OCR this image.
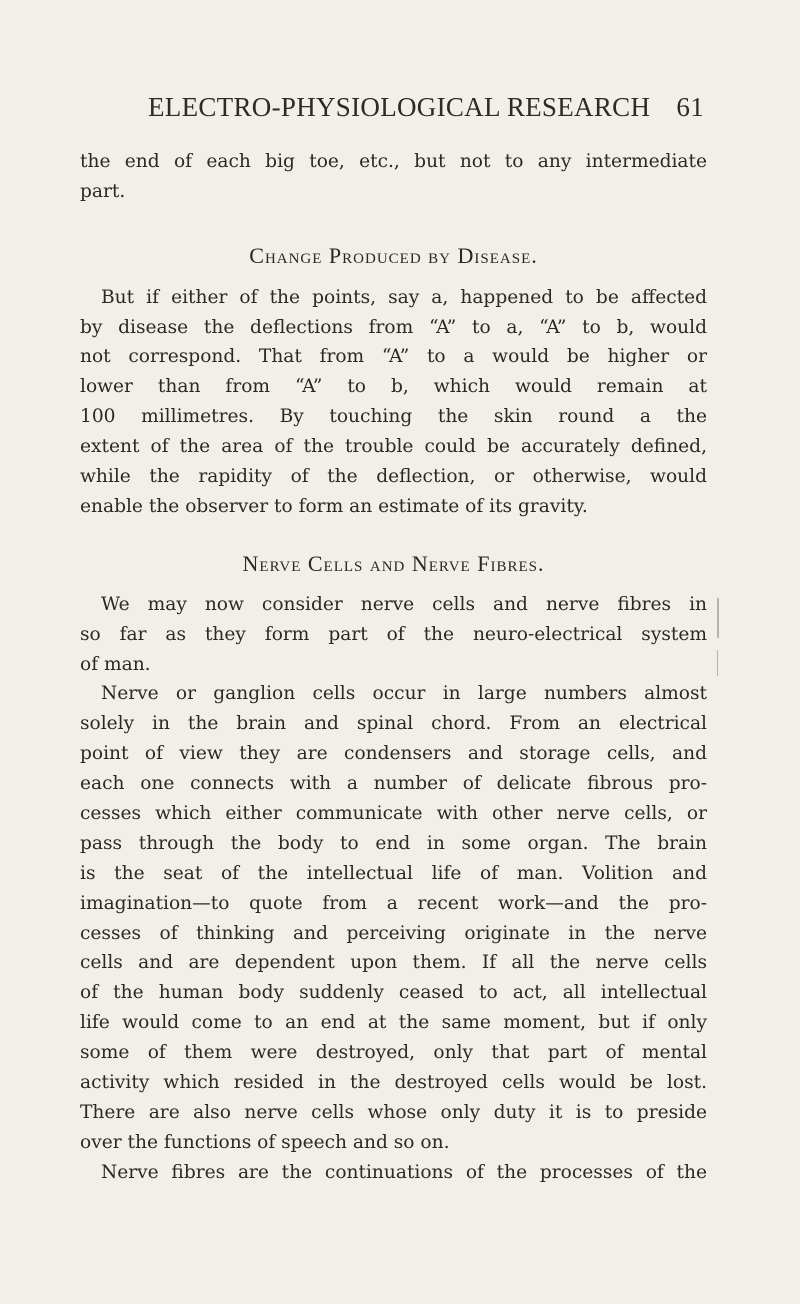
ELECTRO-PHYSIOLOGICAL RESEARCH 61
the end of each big toe, etc., but not to any intermediate
part.
Change Produced by Disease.
But if either of the points, say a, happened to be affected
by disease the deflections from “A” to a, “A” to b, would
not correspond. That from “A” to a would be higher or
lower than from “A” to b, which would remain at
100 millimetres. By touching the skin round a the
extent of the area of the trouble could be accurately defined,
while the rapidity of the deflection, or otherwise, would
enable the observer to form an estimate of its gravity.
Nerve Cells and Nerve Fibres.
We may now consider nerve cells and nerve fibres in
so far as they form part of the neuro-electrical system
of man.
Nerve or ganglion cells occur in large numbers almost
solely in the brain and spinal chord. From an electrical
point of view they are condensers and storage cells, and
each one connects with a number of delicate fibrous pro-
cesses which either communicate with other nerve cells, or
pass through the body to end in some organ. The brain
is the seat of the intellectual life of man. Volition and
imagination—to quote from a recent work—and the pro-
cesses of thinking and perceiving originate in the nerve
cells and are dependent upon them. If all the nerve cells
of the human body suddenly ceased to act, all intellectual
life would come to an end at the same moment, but if only
some of them were destroyed, only that part of mental
activity which resided in the destroyed cells would be lost.
There are also nerve cells whose only duty it is to preside
over the functions of speech and so on.
Nerve fibres are the continuations of the processes of the
